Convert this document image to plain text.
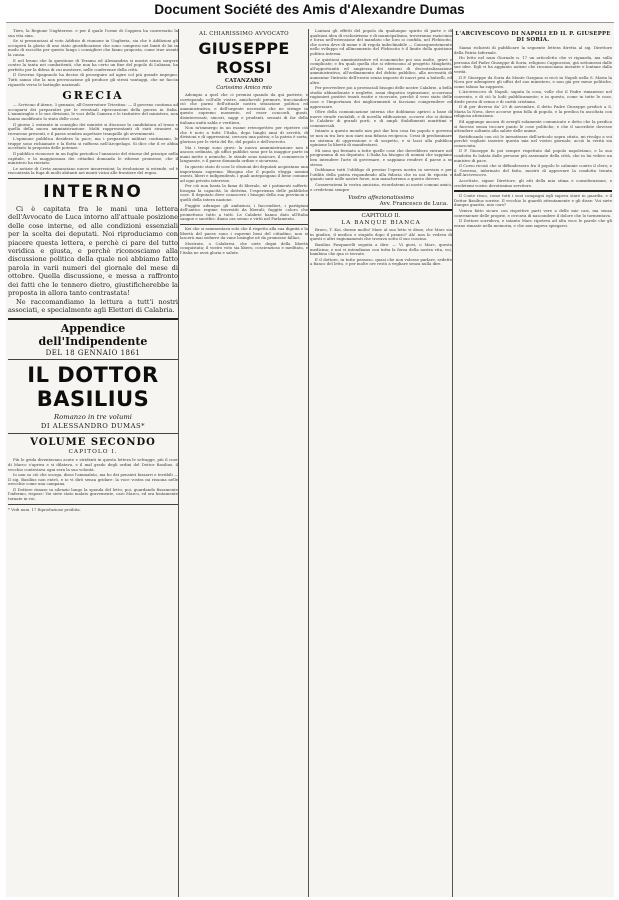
Document Société des Amis d'Alexandre Dumas

Tiers, la Regione Unghterese. e per il quale l'orme di Coppera ha conversatio la sua vita sina.

Se si prenunciasi al voto Addizio di riunione in Ungheria, sia che è Addizioni gli occuperà la gloria di uno stato giustificazione che sono compresi nei limiti di lui in modo di raccolta per questo lungo i consiglieri che fanno proposta, come trae avanti la causa.

E nel bruno che la questione di Teramo ed Alessandria si mostri senza sorgere contro la tanta nei combattenti, che non ha certo un fine del popolo di Lubiana, ha perfetto per la difesa di cui mostrare, nelle conferenze della città.

Il Governo Spagnuolo ha deciso di proseguire ad agire col più grande impegno. Tutti sanno che la non provocazione gli produce gli stessi vantaggi, che ne faccia riguardo verso le battaglie nazionali.

GRECIA

— Scrivono d'Atene, 3 gennaio, all'Osservatore Triestino: — Il governo continua ad occuparsi dei preparativi per le eventuali ripercussioni della guerra in Italia. L'ammiraglio e le sue divisioni, le voci della Camera e le trattative del ministero, non hanno modificato lo stato delle cose.

Il giorno 2 entrante in consiglio dei ministri si discusse la candidatura al trono e quella della nuova amministrazione. Molti rappresentanti di stati stranieri si trovarono presenti, e il paese sembra aspettare tranquillo gli avvenimenti.

L'opinione pubblica desidera la pace; ma i preparativi militari continuano, le truppe sono richiamate e la flotta si rafforza nell'Arcipelago. Si dice che il re abbia accettato la proposta delle potenze.

Il pubblico riconosce in un foglio periodico l'annuncio del ritorno del principe nella capitale, e la maggioranza dei cittadini domanda le riforme promesse, che il ministero ha rinviato.

Le notizie di Creta annunciano nuove insurrezioni; la rivoluzione si estende, ed è riscontrata la fuga di molti abitanti nei monti vicini alle frontiere del regno.

INTERNO

Ci è capitata fra le mani una lettera dell'Avvocato de Luca intorno all'attuale posizione delle cose interne, ed alle condizioni essenziali per la scelta dei deputati. Noi riproduciamo con piacere questa lettera, e perchè ci pare del tutto veridica e giusta, e perchè riconosciamo alla discussione politica della quale noi abbiamo fatto parola in varii numeri del giornale del mese di ottobre. Quella discussione, e messa a raffronto dei fatti che le tennero dietro, giustificherebbe la proposta in allora tanto contrastata!

Ne raccomandiamo la lettura a tutt'i nostri associati, e specialmente agli Elettori di Calabria.

Appendice dell'Indipendente
DEL 18 GENNAIO 1861
IL DOTTOR BASILIUS
Romanzo in tre volumi
DI ALESSANDRO DUMAS*
VOLUME SECONDO
CAPITOLO I.

Più le grida diventavano acute e stridenti in questa lettera le selvagge, più il cuor di Marco s'apriva e si dilatava, e il mal grado degli ordini del Dottor Basilius, il vecchio contestava ogni sera la sua volontà.

Io non so ciò che scorga, disse l'ammalato, ma ho dei pensieri bizzarri e terribili — Il sig. Basilius non entrò, e io vi dirò senza gridare: la voce vostra mi risuona nelle orecchie come una campana.

Il Dottore rimase in silenzio lungo la sponda del letto; poi, guardando fissamente l'infermo, rispose: Voi siete stato malato gravemente, caro Marco, ed ora lentamente tornate in voi.

* Vedi num. 17 Riproduzione proibita.

AL CHIARISSIMO AVVOCATO
GIUSEPPE ROSSI
CATANZARO
Carissimo Amico mio

Adempio a quel che ci premisi quando da qui partiste, e corrispondo coll'alle vostre, amichevoli premure, tracciandovi ciò che parmi dell'attuale nostra situazione politica ed amministrativa, e dell'urgente necessità che ne stringe in questo supremo momento, ed esser concordi, giusti, disinteressati, sinceri, saggi e prudenti, sensati di far della italiana unità salda e veritiera.

Non m'immergo in un esame retrospettivo per ripetere ciò che è noto a tutti: l'Italia, dopo lunghi anni di servitù, di divisioni e di oppressioni, cercava una patria; e la patria è sorta, gloriosa per le virtù del Re, del popolo e dell'esercito.

Ma i tempi sono gravi: la nuova amministrazione non è ancora ordinata, gli uffici pubblici sono per la maggior parte in mani inette o nemiche, le strade sono insicure, il commercio è languente, e il paese domanda ordine e sicurezza.

In questo stato di cose le elezioni dei deputati acquistano una importanza suprema. Bisogna che il popolo elegga uomini onesti, liberi e indipendenti, i quali antepongano il bene comune ad ogni privato interesse.

Per ciò non basta la fama di liberale, nè i patimenti sofferti: bisogna la capacità, la dottrina, l'esperienza delle pubbliche cose. Il deputato deve conoscere i bisogni della sua provincia e quelli della intera nazione.

Fuggite adunque gli ambiziosi, i faccendieri, i partigiani dell'antico regime travestiti da liberali; fuggite coloro che promettono tutto a tutti. Le Calabrie hanno dato all'Italia sangue e sacrifici: diano ora senno e virtù nel Parlamento.

Kei che si rammentava solo che il rispetto alla sua dignità e la libertà del paese sono i supremi beni del cittadino, non si lascerà mai sedurre da vane lusinghe nè da promesse fallaci.

Mostrate, o Calabresi, che siete degni della libertà conquistata; il vostro voto sia libero, coscienzioso e meditato, e l'Italia ne avrà gloria e salute.

Lontani gli effetti del popolo da qualunque spirito di parte e di qualsiasi idea di esclusivismo e di municipalismo, troveranno raziocinio e forza nell'estensione del mandato che loro si confida, nel Plebiscito, che sovra deve di nome e di regola indeclinabile — Conseguentemente nello sviluppo ed allineamento del Plebiscito è il limite della quistione politica interna.

Le quistioni amministrative ed economiche poi son molte, gravi e complicate; e fra quali quella che si riferiscono al progetto Minghetti, all'opportunità ed ampiezza dei sistemi di decentralizzazione amministrativa, all'ordinamento del debito pubblico, alla necessità di aumentar l'introito dell'erario senza imposte di nuovi pesi a balzelli, ed altre.

Per provvedere poi a provinciali bisogni delle nostre Calabrie, a bella studio abbandonate e neglette, assai dispotico ispirazione, occorrono ragionieri positivi tenuti esatte e ricercate, perchè il vero stato delle cose e l'importanza dei miglioramenti si facciano comprendere ed apprezzare.

Oltre della comunicazione interna che dobbiamo aprirci a base di nuove strade ruotabili, e di novella edificazione, occorre che si dotino le Calabrie di grandi porti, e di ampli Stabilimenti marittimi e commerciali.

Intanto a questo mondo non può dar ben cosa fra popolo e governo se non in tra loro non siavi una fiducia reciproca. Cessi di predominare un sistema di oppressione e di sospetto, e si lasci alla pubblica opinione la libertà di manifestarsi.

Mi sono qui fermato a tutte quelle cose che dovrebbero entrare nel programma di un deputato. L'Italia ha bisogno di uomini che sappiano ben intendere l'arte di governare, e sappiano rendere il paese a se stesso.

Dobbiamo tutti l'obbligo di prestar l'opera nostra in servizio e per l'utilità della patria rispondendo alla fiducia che in noi fu riposta e quanto sarà nelle nostre forze, non mancheremo a questo dovere.

Conservatemi la vostra amicizia, ricordatemi ai nostri comuni amici, e credetemi sempre

Vostro affezionatissimo
Avv. Francesco de Luca.
CAPITOLO II.
LA BANQUE BIANCA

Bravo, T. Koi, dorme molto! Marc al suo letto vi disse, che Marc sia in giudice, il medico e stupido dopo il pranzo? Ah! non lo vedeva di questi e altri ragionamenti che trovava sotto il suo cuscino.

Basilius Pasquarelli seguita a dire: — Vi giovi, o Marc, questa medicina; e noi vi intendiamo con tutta la forza della nostra vita, voi, bambino che qua ci trovate.

E il dottore, in tutto pensoso, quasi che non volesse parlare, sedette a fianco del letto, e per molte ore restò a vegliare senza nulla dire.

L'ARCIVESCOVO DI NAPOLI ED IL P. GIUSEPPE DI SORIA.

Siamo richiesti di pubblicare la seguente lettera diretta al sig. Direttore della Patria Infernale.

Ho letto nel num Giornale n. 17 un articoletto che vi riguarda, ma sulla persona del Padre Giuseppe di Soria, religioso Cappuccino, già sottomessi dalle sue idee. Egli vi ha aggiunto notizie che riconosciamo inesatte e lontane dalla verità.

Il P. Giuseppe da Soria da Monte Gargano si recò in Napoli nella S. Maria la Nova per adempiere gli uffici del suo ministero, e non già per mene politiche, come taluno ha supposto.

L'Arcivescovo di Napoli, saputa la cosa, volle che il Padre rimanesse nel convento, e di ciò lo lodò pubblicamente; e in questo, come in tutte le cose, diede prova di senno e di carità cristiana.

Il di per diverso da' 29 di novembre, il detto Padre Giuseppe predicò a S. Maria la Nova, dove accorse gran folla di popolo, e la predica fu ascoltata con religiosa attenzione.

Ed aggiungo ancora di avergli solamente comunicato e detto che la predica si facesse senza toccare punto le cose politiche, e che il sacerdote dovesse attendere soltanto alla salute delle anime.

Rettificando con ciò le inesattezze dell'articolo sopra citato, mi rivolgo a voi perchè vogliate inserire questa mia nel vostro giornale, acciò la verità sia conosciuta.

Il P. Giuseppe fu poi sempre rispettato dal popolo napoletano, e la sua condotta fu lodata dalle persone più assennate della città, che in lui videro un ministro di pace.

Il Corso ricusò che si diffondessero fra il popolo le calunnie contro il clero; e il Governo, informato del fatto, mostrò di approvare la condotta tenuta dall'Arcivescovo.

Accettate, signor Direttore, gli atti della mia stima e considerazione, e credetemi vostro devotissimo servitore.

Il Conte risuo, come tutti i suoi compagni egli sapeva stare in guardia, e il Dottor Basilius sorrise. Il vecchio lo guardò attentamente e gli disse: Voi siete dunque guarito, mio caro?

Veniva fatto sicuro con rispettive parti vere a delle mie casi, ma senza convenienze delle proprie, e cercava di nascondere il dolore che lo tormentava.

Il Dottore sorrideva, e intanto Marc ripeteva ad alta voce le parole che gli erano rimaste nella memoria, e che non sapeva spiegarsi.
